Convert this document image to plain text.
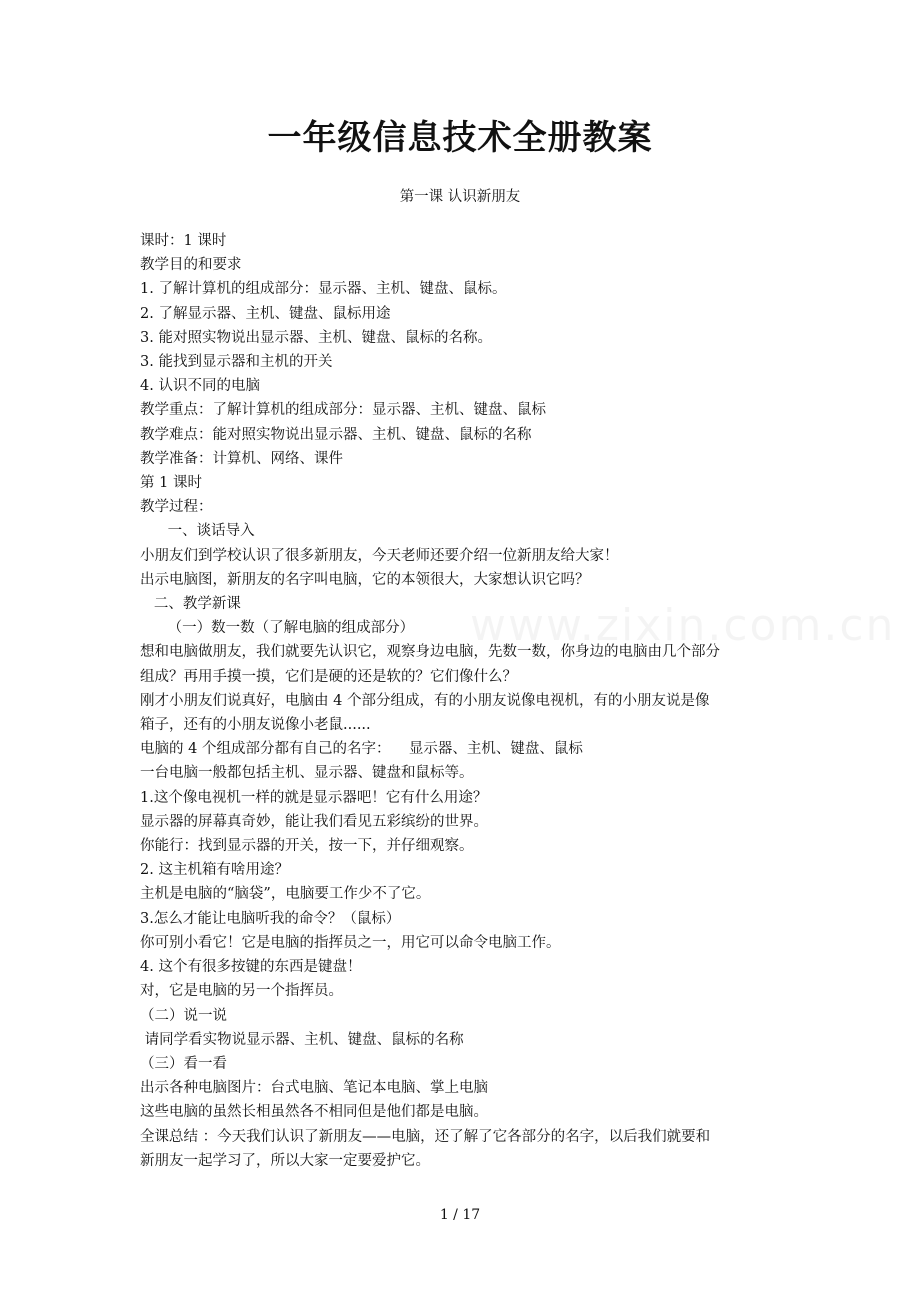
一年级信息技术全册教案
第一课 认识新朋友

课时：1 课时

教学目的和要求

1. 了解计算机的组成部分：显示器、主机、键盘、鼠标。

2. 了解显示器、主机、键盘、鼠标用途

3. 能对照实物说出显示器、主机、键盘、鼠标的名称。

3. 能找到显示器和主机的开关

4. 认识不同的电脑

教学重点：了解计算机的组成部分：显示器、主机、键盘、鼠标

教学难点：能对照实物说出显示器、主机、键盘、鼠标的名称

教学准备：计算机、网络、课件

第 1 课时

教学过程：

一、谈话导入

小朋友们到学校认识了很多新朋友，今天老师还要介绍一位新朋友给大家！

出示电脑图，新朋友的名字叫电脑，它的本领很大，大家想认识它吗？

二、教学新课

（一）数一数（了解电脑的组成部分）

想和电脑做朋友，我们就要先认识它，观察身边电脑，先数一数，你身边的电脑由几个部分

组成？再用手摸一摸，它们是硬的还是软的？它们像什么？

刚才小朋友们说真好，电脑由 4 个部分组成，有的小朋友说像电视机，有的小朋友说是像

箱子，还有的小朋友说像小老鼠......

电脑的 4 个组成部分都有自己的名字：    显示器、主机、键盘、鼠标

一台电脑一般都包括主机、显示器、键盘和鼠标等。

1.这个像电视机一样的就是显示器吧！它有什么用途？

显示器的屏幕真奇妙，能让我们看见五彩缤纷的世界。

你能行：找到显示器的开关，按一下，并仔细观察。

2. 这主机箱有啥用途？

主机是电脑的“脑袋”，电脑要工作少不了它。

3.怎么才能让电脑听我的命令？（鼠标）

你可别小看它！它是电脑的指挥员之一，用它可以命令电脑工作。

4. 这个有很多按键的东西是键盘！

对，它是电脑的另一个指挥员。

（二）说一说

请同学看实物说显示器、主机、键盘、鼠标的名称

（三）看一看

出示各种电脑图片：台式电脑、笔记本电脑、掌上电脑

这些电脑的虽然长相虽然各不相同但是他们都是电脑。

全课总结 ：今天我们认识了新朋友——电脑，还了解了它各部分的名字，以后我们就要和

新朋友一起学习了，所以大家一定要爱护它。

1 / 17
